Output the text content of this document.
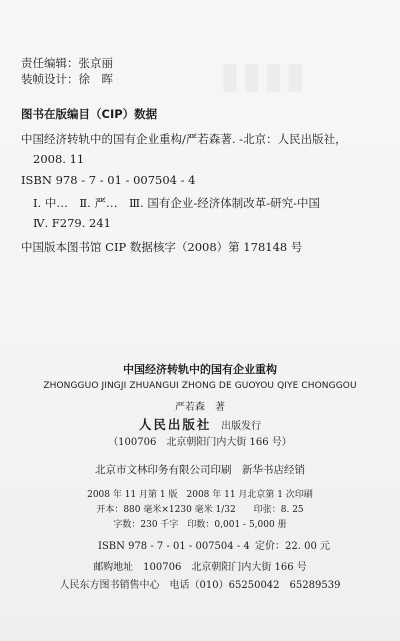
责任编辑：张京丽
装帧设计：徐　晖
图书在版编目（CIP）数据
中国经济转轨中的国有企业重构/严若森著. -北京：人民出版社，
2008. 11
ISBN 978 - 7 - 01 - 007504 - 4
Ⅰ. 中…　Ⅱ. 严…　Ⅲ. 国有企业-经济体制改革-研究-中国
Ⅳ. F279. 241
中国版本图书馆 CIP 数据核字（2008）第 178148 号
中国经济转轨中的国有企业重构
ZHONGGUO JINGJI ZHUANGUI ZHONG DE GUOYOU QIYE CHONGGOU
严若森　著
人民出版社 出版发行
（100706　北京朝阳门内大街 166 号）
北京市文林印务有限公司印刷　新华书店经销
2008 年 11 月第 1 版　2008 年 11 月北京第 1 次印刷
开本：880 毫米×1230 毫米 1/32　　印张：8. 25
字数：230 千字　印数：0,001 - 5,000 册
ISBN 978 - 7 - 01 - 007504 - 4 定价：22. 00 元
邮购地址　100706　北京朝阳门内大街 166 号
人民东方图书销售中心　电话（010）65250042　65289539
